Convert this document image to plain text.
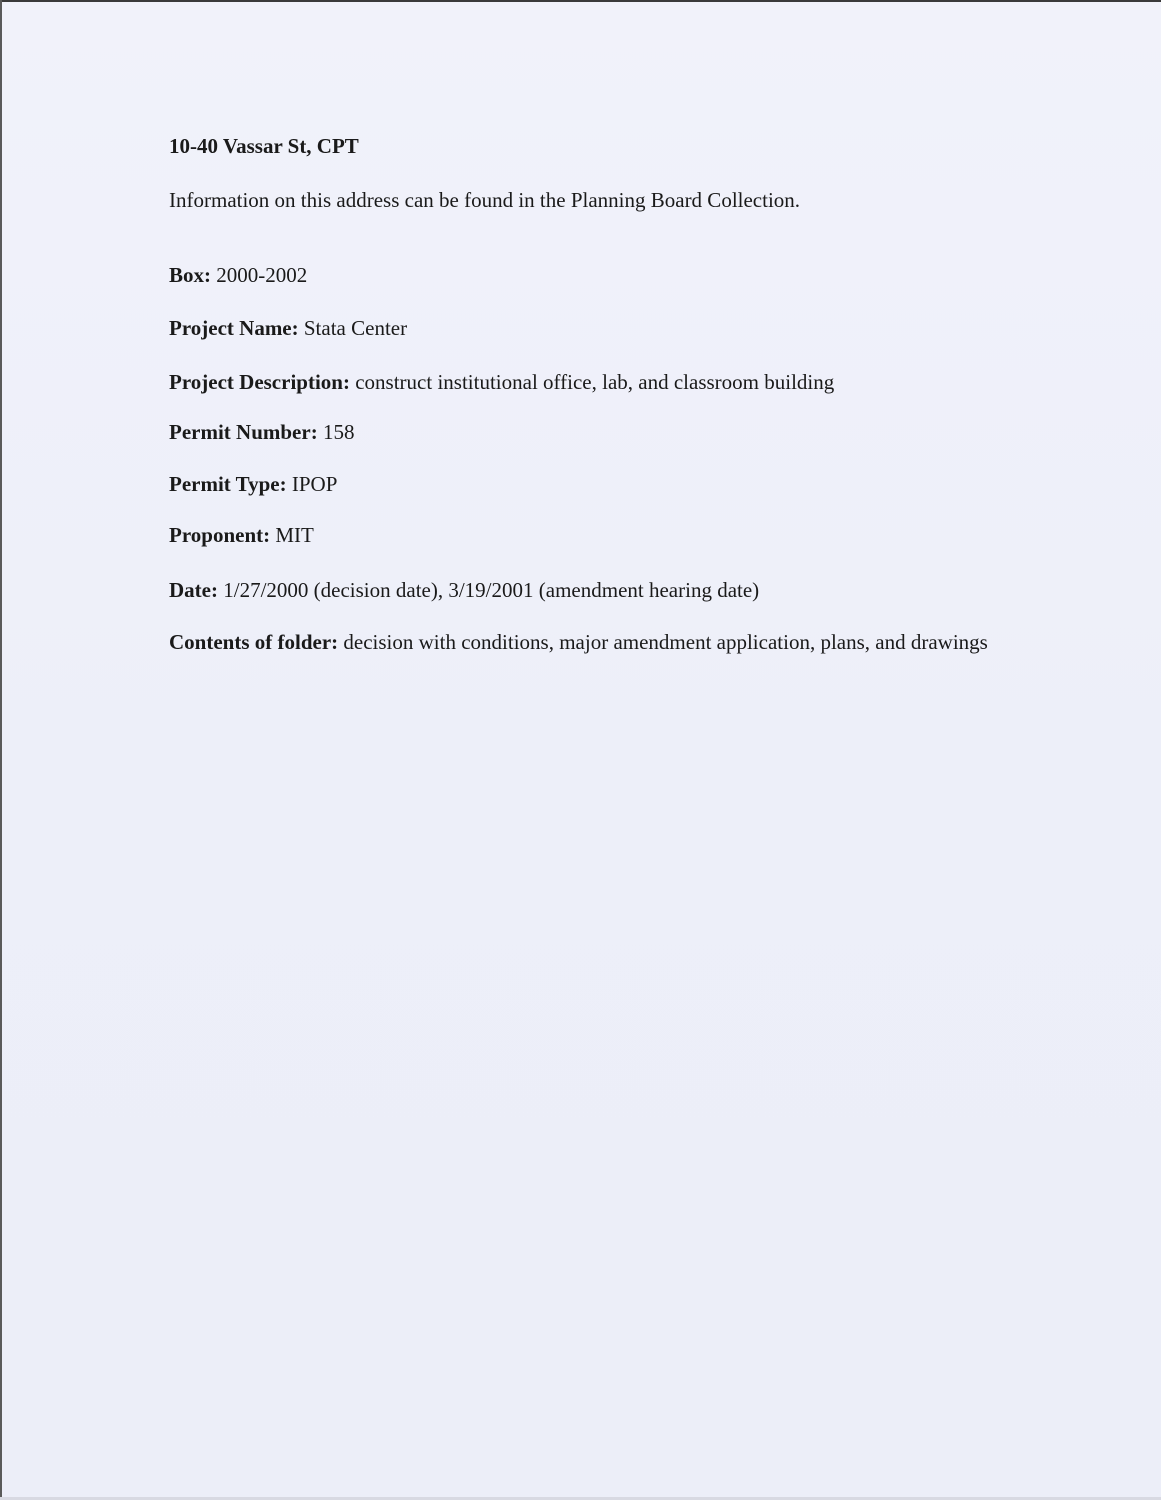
10-40 Vassar St, CPT

Information on this address can be found in the Planning Board Collection.

Box: 2000-2002

Project Name: Stata Center

Project Description: construct institutional office, lab, and classroom building

Permit Number: 158

Permit Type: IPOP

Proponent: MIT

Date: 1/27/2000 (decision date), 3/19/2001 (amendment hearing date)

Contents of folder: decision with conditions, major amendment application, plans, and drawings
